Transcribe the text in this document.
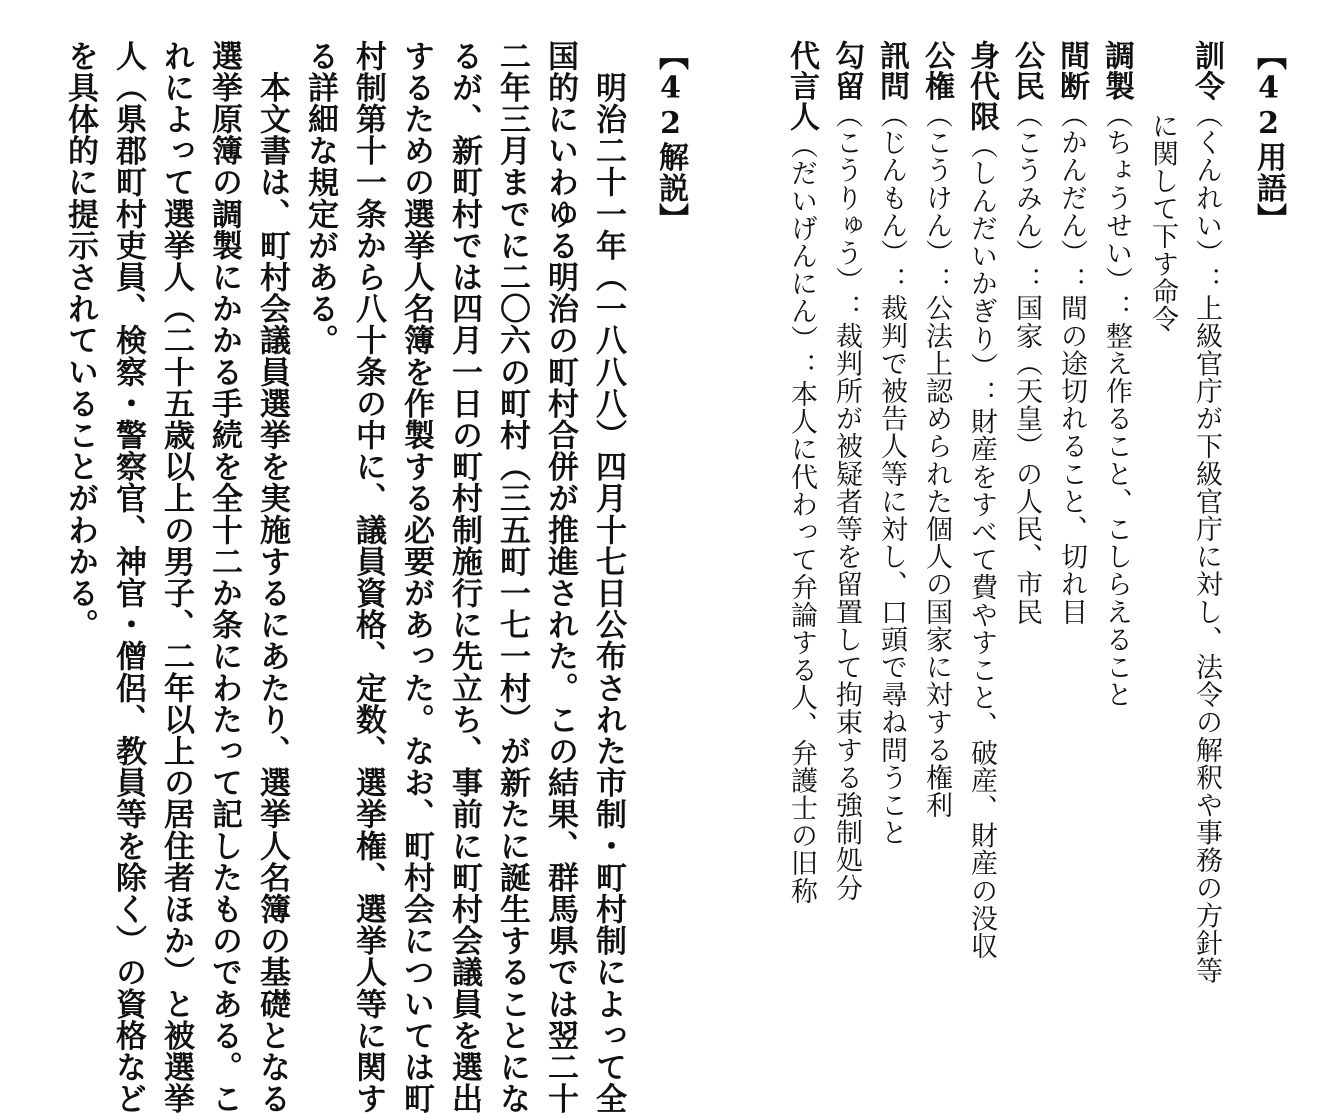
【42用語】
訓令（くんれい）：上級官庁が下級官庁に対し、法令の解釈や事務の方針等
に関して下す命令
調製（ちょうせい）：整え作ること、こしらえること
間断（かんだん）：間の途切れること、切れ目
公民（こうみん）：国家（天皇）の人民、市民
身代限（しんだいかぎり）：財産をすべて費やすこと、破産、財産の没収
公権（こうけん）：公法上認められた個人の国家に対する権利
訊問（じんもん）：裁判で被告人等に対し、口頭で尋ね問うこと
勾留（こうりゅう）：裁判所が被疑者等を留置して拘束する強制処分
代言人（だいげんにん）：本人に代わって弁論する人、弁護士の旧称
【42解説】
　明治二十一年（一八八八）四月十七日公布された市制・町村制によって全
国的にいわゆる明治の町村合併が推進された。この結果、群馬県では翌二十
二年三月までに二〇六の町村（三五町一七一村）が新たに誕生することにな
るが、新町村では四月一日の町村制施行に先立ち、事前に町村会議員を選出
するための選挙人名簿を作製する必要があった。なお、町村会については町
村制第十一条から八十条の中に、議員資格、定数、選挙権、選挙人等に関す
る詳細な規定がある。
　本文書は、町村会議員選挙を実施するにあたり、選挙人名簿の基礎となる
選挙原簿の調製にかかる手続を全十二か条にわたって記したものである。こ
れによって選挙人（二十五歳以上の男子、二年以上の居住者ほか）と被選挙
人（県郡町村吏員、検察・警察官、神官・僧侶、教員等を除く）の資格など
を具体的に提示されていることがわかる。
